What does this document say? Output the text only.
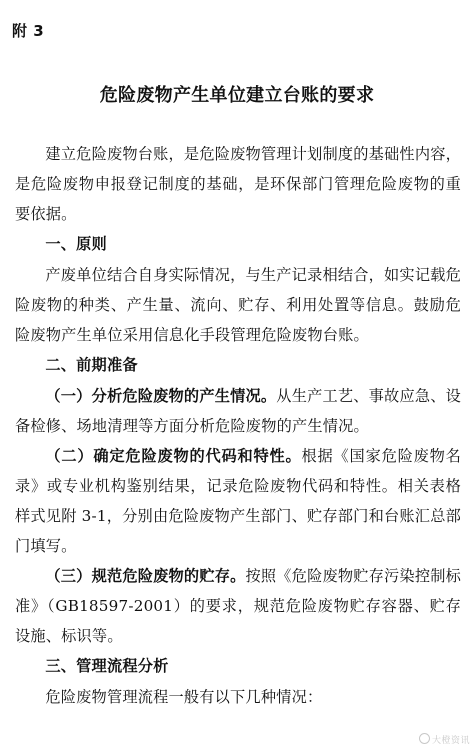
附 3
危险废物产生单位建立台账的要求

建立危险废物台账，是危险废物管理计划制度的基础性内容，是危险废物申报登记制度的基础，是环保部门管理危险废物的重要依据。

一、原则

产废单位结合自身实际情况，与生产记录相结合，如实记载危险废物的种类、产生量、流向、贮存、利用处置等信息。鼓励危险废物产生单位采用信息化手段管理危险废物台账。

二、前期准备

（一）分析危险废物的产生情况。从生产工艺、事故应急、设备检修、场地清理等方面分析危险废物的产生情况。

（二）确定危险废物的代码和特性。根据《国家危险废物名录》或专业机构鉴别结果，记录危险废物代码和特性。相关表格样式见附 3-1，分别由危险废物产生部门、贮存部门和台账汇总部门填写。

（三）规范危险废物的贮存。按照《危险废物贮存污染控制标准》（GB18597-2001）的要求，规范危险废物贮存容器、贮存设施、标识等。

三、管理流程分析

危险废物管理流程一般有以下几种情况：

大橙资讯
